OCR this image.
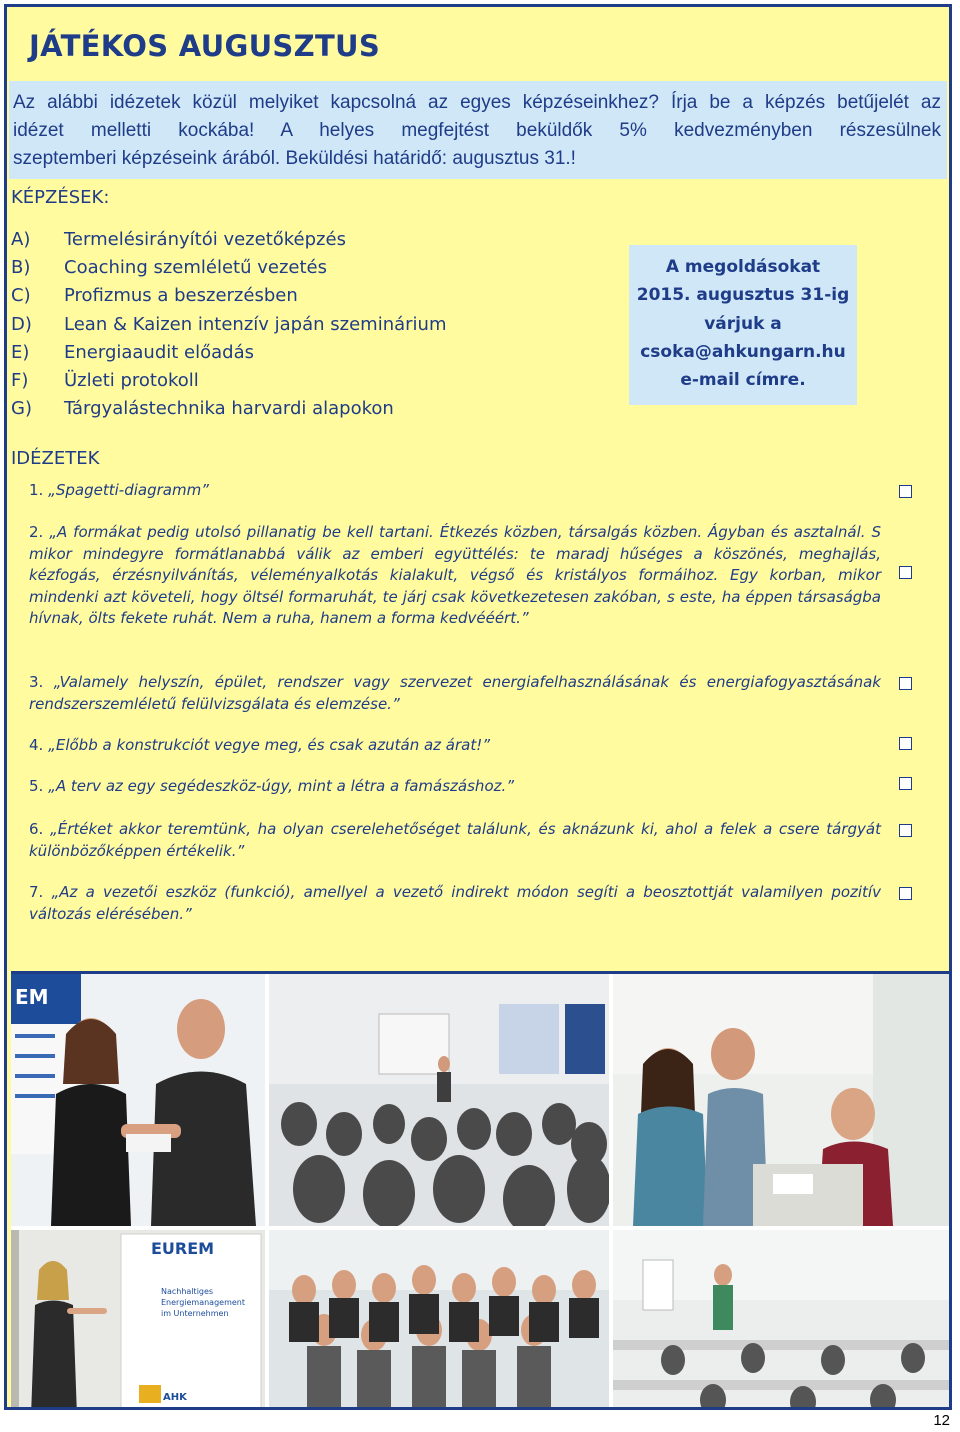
JÁTÉKOS AUGUSZTUS
Az alábbi idézetek közül melyiket kapcsolná az egyes képzéseinkhez? Írja be a képzés betűjelét az
idézet melletti kockába! A helyes megfejtést beküldők 5% kedvezményben részesülnek
szeptemberi képzéseink árából. Beküldési határidő: augusztus 31.!
KÉPZÉSEK:
A)	Termelésirányítói vezetőképzés
B)	Coaching szemléletű vezetés
C)	Profizmus a beszerzésben
D)	Lean & Kaizen intenzív japán szeminárium
E)	Energiaaudit előadás
F)	Üzleti protokoll
G)	Tárgyalástechnika harvardi alapokon
A megoldásokat
2015. augusztus 31-ig
várjuk a
csoka@ahkungarn.hu
e-mail címre.
IDÉZETEK
1. „Spagetti-diagramm”
2. „A formákat pedig utolsó pillanatig be kell tartani. Étkezés közben, társalgás közben. Ágyban és asztalnál. S mikor mindegyre formátlanabbá válik az emberi együttélés: te maradj hűséges a köszönés, meghajlás, kézfogás, érzésnyilvánítás, véleményalkotás kialakult, végső és kristályos formáihoz. Egy korban, mikor mindenki azt követeli, hogy öltsél formaruhát, te járj csak következetesen zakóban, s este, ha éppen társaságba hívnak, ölts fekete ruhát. Nem a ruha, hanem a forma kedvééért.”
3. „Valamely helyszín, épület, rendszer vagy szervezet energiafelhasználásának és energiafogyasztásának rendszerszemléletű felülvizsgálata és elemzése.”
4. „Előbb a konstrukciót vegye meg, és csak azután az árat!”
5. „A terv az egy segédeszköz-úgy, mint a létra a famászáshoz.”
6. „Értéket akkor teremtünk, ha olyan cserelehetőséget találunk, és aknázunk ki, ahol a felek a csere tárgyát különbözőképpen értékelik.”
7. „Az a vezetői eszköz (funkció), amellyel a vezető indirekt módon segíti a beosztottját valamilyen pozitív változás elérésében.”
EM
EUREM
Nachhaltiges
Energiemanagement
im Unternehmen
AHK
12
